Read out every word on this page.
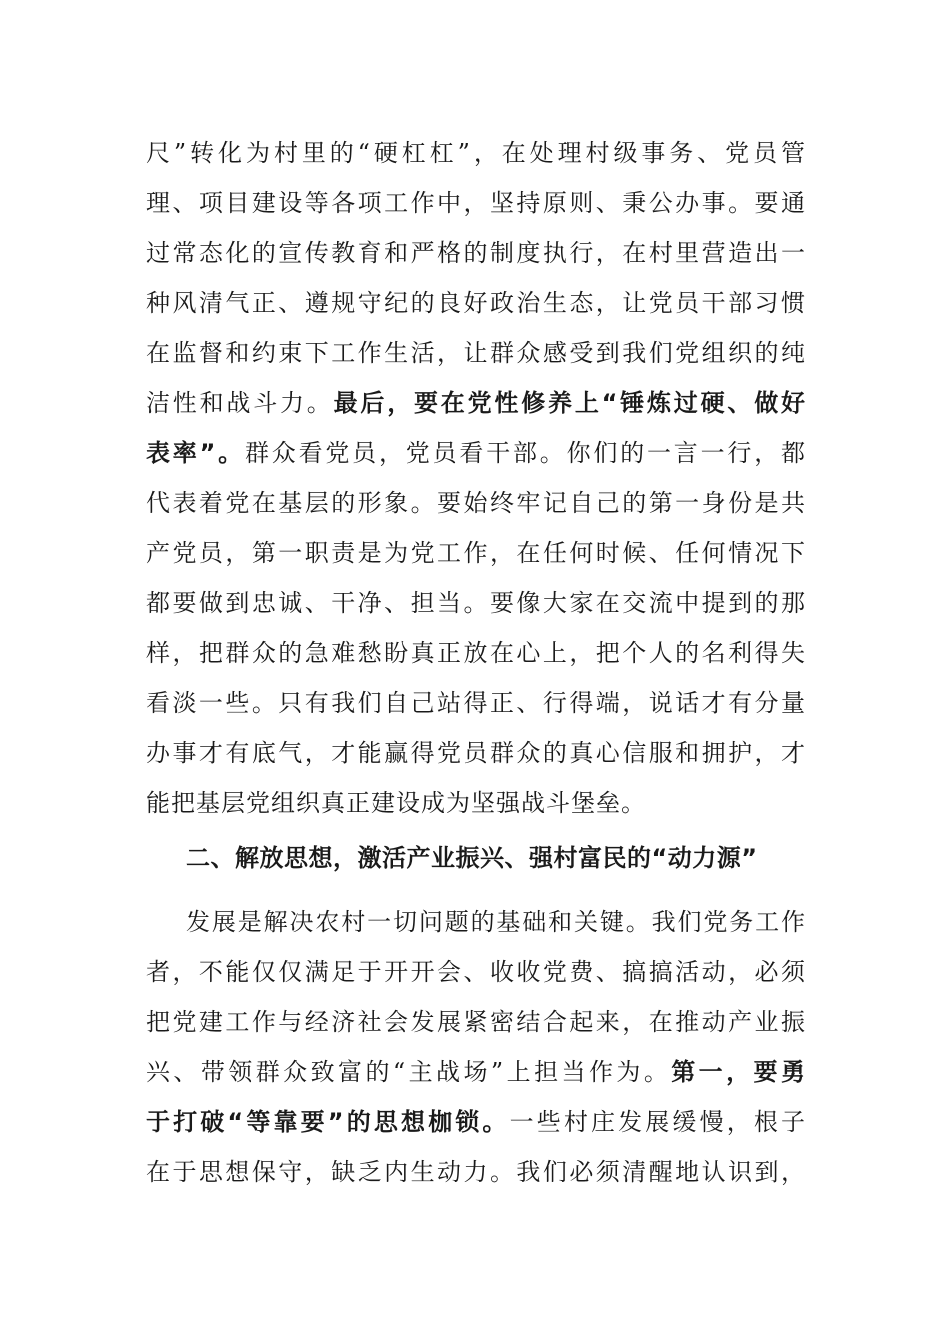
尺”转化为村里的“硬杠杠”，在处理村级事务、党员管
理、项目建设等各项工作中，坚持原则、秉公办事。要通
过常态化的宣传教育和严格的制度执行，在村里营造出一
种风清气正、遵规守纪的良好政治生态，让党员干部习惯
在监督和约束下工作生活，让群众感受到我们党组织的纯
洁性和战斗力。最后，要在党性修养上“锤炼过硬、做好
表率”。群众看党员，党员看干部。你们的一言一行，都
代表着党在基层的形象。要始终牢记自己的第一身份是共
产党员，第一职责是为党工作，在任何时候、任何情况下
都要做到忠诚、干净、担当。要像大家在交流中提到的那
样，把群众的急难愁盼真正放在心上，把个人的名利得失
看淡一些。只有我们自己站得正、行得端，说话才有分量
办事才有底气，才能赢得党员群众的真心信服和拥护，才
能把基层党组织真正建设成为坚强战斗堡垒。
二、解放思想，激活产业振兴、强村富民的“动力源”
发展是解决农村一切问题的基础和关键。我们党务工作
者，不能仅仅满足于开开会、收收党费、搞搞活动，必须
把党建工作与经济社会发展紧密结合起来，在推动产业振
兴、带领群众致富的“主战场”上担当作为。第一，要勇
于打破“等靠要”的思想枷锁。一些村庄发展缓慢，根子
在于思想保守，缺乏内生动力。我们必须清醒地认识到，
